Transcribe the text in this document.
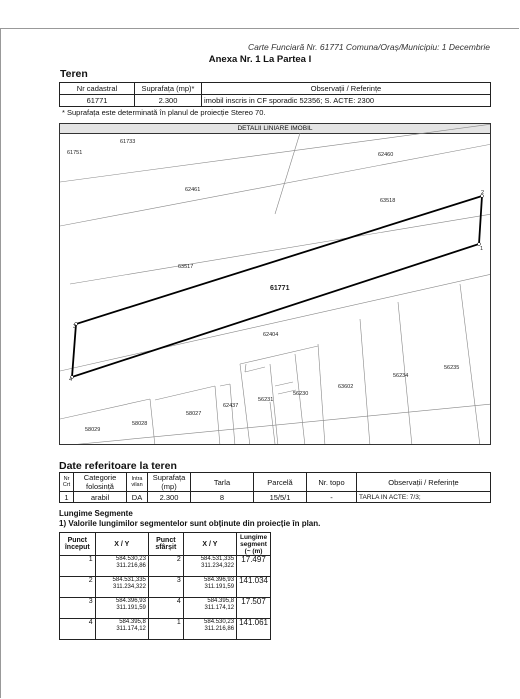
Carte Funciară Nr. 61771 Comuna/Oraș/Municipiu: 1 Decembrie
Anexa Nr. 1 La Partea I
Teren
Nr cadastral	Suprafața (mp)*	Observații / Referințe
61771	2.300	imobil inscris in CF sporadic 52356; S. ACTE: 2300
* Suprafața este determinată în planul de proiecție Stereo 70.
DETALII LINIARE IMOBIL
1
2
3
4
61771
61733
61751	62460
62461
63518
63517
62404
63602
56234
56235
56230
56231
62437
58027
58028
58029
Date referitoare la teren
Nr Crt	Categorie folosință	Intra vilan	Suprafața (mp)	Tarla	Parcelă	Nr. topo	Observații / Referințe
1	arabil	DA	2.300	8	15/5/1	-	TARLA IN ACTE: 7/3;
Lungime Segmente
1) Valorile lungimilor segmentelor sunt obținute din proiecție în plan.
Punct început	X / Y	Punct sfârșit	X / Y	Lungime segment (~ (m)
1	584.530,23
311.216,86	2	584.531,335
311.234,322	17.497
2	584.531,335
311.234,322	3	584.396,93
311.191,59	141.034
3	584.396,93
311.191,59	4	584.395,8
311.174,12	17.507
4	584.395,8
311.174,12	1	584.530,23
311.216,86	141.061
